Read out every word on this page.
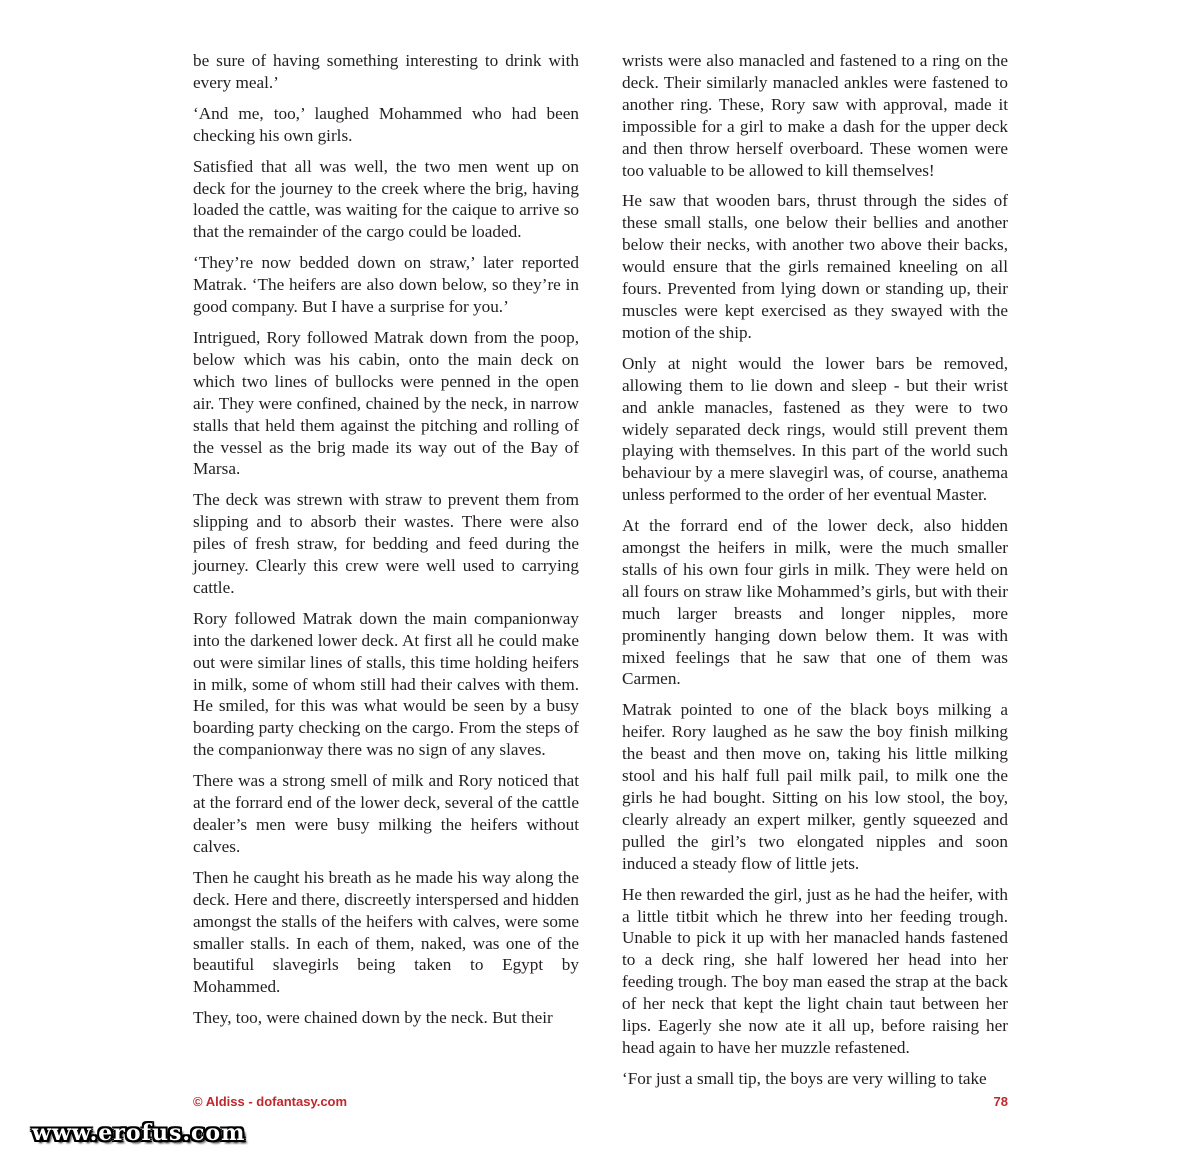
be sure of having something interesting to drink with every meal.’

‘And me, too,’ laughed Mohammed who had been checking his own girls.

Satisfied that all was well, the two men went up on deck for the journey to the creek where the brig, having loaded the cattle, was waiting for the caique to arrive so that the remainder of the cargo could be loaded.

‘They’re now bedded down on straw,’ later reported Matrak. ‘The heifers are also down below, so they’re in good company. But I have a surprise for you.’

Intrigued, Rory followed Matrak down from the poop, below which was his cabin, onto the main deck on which two lines of bullocks were penned in the open air. They were confined, chained by the neck, in narrow stalls that held them against the pitching and rolling of the vessel as the brig made its way out of the Bay of Marsa.

The deck was strewn with straw to prevent them from slipping and to absorb their wastes. There were also piles of fresh straw, for bedding and feed during the journey. Clearly this crew were well used to carrying cattle.

Rory followed Matrak down the main companionway into the darkened lower deck. At first all he could make out were similar lines of stalls, this time holding heifers in milk, some of whom still had their calves with them. He smiled, for this was what would be seen by a busy boarding party checking on the cargo. From the steps of the companionway there was no sign of any slaves.

There was a strong smell of milk and Rory noticed that at the forrard end of the lower deck, several of the cattle dealer’s men were busy milking the heifers without calves.

Then he caught his breath as he made his way along the deck. Here and there, discreetly interspersed and hidden amongst the stalls of the heifers with calves, were some smaller stalls. In each of them, naked, was one of the beautiful slavegirls being taken to Egypt by Mohammed.

They, too, were chained down by the neck. But their

wrists were also manacled and fastened to a ring on the deck. Their similarly manacled ankles were fastened to another ring. These, Rory saw with approval, made it impossible for a girl to make a dash for the upper deck and then throw herself overboard. These women were too valuable to be allowed to kill themselves!

He saw that wooden bars, thrust through the sides of these small stalls, one below their bellies and another below their necks, with another two above their backs, would ensure that the girls remained kneeling on all fours. Prevented from lying down or standing up, their muscles were kept exercised as they swayed with the motion of the ship.

Only at night would the lower bars be removed, allowing them to lie down and sleep - but their wrist and ankle manacles, fastened as they were to two widely separated deck rings, would still prevent them playing with themselves. In this part of the world such behaviour by a mere slavegirl was, of course, anathema unless performed to the order of her eventual Master.

At the forrard end of the lower deck, also hidden amongst the heifers in milk, were the much smaller stalls of his own four girls in milk. They were held on all fours on straw like Mohammed’s girls, but with their much larger breasts and longer nipples, more prominently hanging down below them. It was with mixed feelings that he saw that one of them was Carmen.

Matrak pointed to one of the black boys milking a heifer. Rory laughed as he saw the boy finish milking the beast and then move on, taking his little milking stool and his half full pail milk pail, to milk one the girls he had bought. Sitting on his low stool, the boy, clearly already an expert milker, gently squeezed and pulled the girl’s two elongated nipples and soon induced a steady flow of little jets.

He then rewarded the girl, just as he had the heifer, with a little titbit which he threw into her feeding trough. Unable to pick it up with her manacled hands fastened to a deck ring, she half lowered her head into her feeding trough. The boy man eased the strap at the back of her neck that kept the light chain taut between her lips. Eagerly she now ate it all up, before raising her head again to have her muzzle refastened.

‘For just a small tip, the boys are very willing to take

© Aldiss - dofantasy.com	78
www.erofus.com
